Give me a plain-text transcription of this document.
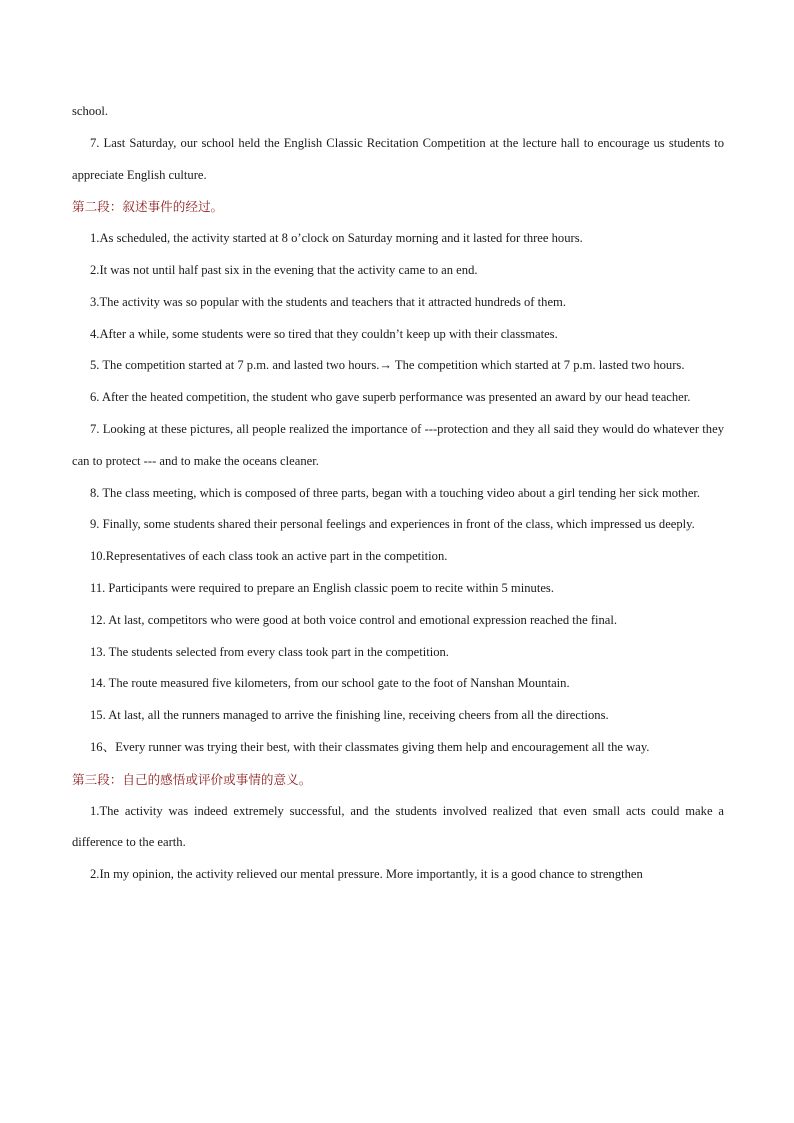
school.

7. Last Saturday, our school held the English Classic Recitation Competition at the lecture hall to encourage us students to appreciate English culture.

第二段：叙述事件的经过。

1.As scheduled, the activity started at 8 o’clock on Saturday morning and it lasted for three hours.

2.It was not until half past six in the evening that the activity came to an end.

3.The activity was so popular with the students and teachers that it attracted hundreds of them.

4.After a while, some students were so tired that they couldn’t keep up with their classmates.

5. The competition started at 7 p.m. and lasted two hours.→ The competition which started at 7 p.m. lasted two hours.

6. After the heated competition, the student who gave superb performance was presented an award by our head teacher.

7. Looking at these pictures, all people realized the importance of ---protection and they all said they would do whatever they can to protect --- and to make the oceans cleaner.

8. The class meeting, which is composed of three parts, began with a touching video about a girl tending her sick mother.

9. Finally, some students shared their personal feelings and experiences in front of the class, which impressed us deeply.

10.Representatives of each class took an active part in the competition.

11. Participants were required to prepare an English classic poem to recite within 5 minutes.

12. At last, competitors who were good at both voice control and emotional expression reached the final.

13. The students selected from every class took part in the competition.

14. The route measured five kilometers, from our school gate to the foot of Nanshan Mountain.

15. At last, all the runners managed to arrive the finishing line, receiving cheers from all the directions.

16、Every runner was trying their best, with their classmates giving them help and encouragement all the way.

第三段：自己的感悟或评价或事情的意义。

1.The activity was indeed extremely successful, and the students involved realized that even small acts could make a difference to the earth.

2.In my opinion, the activity relieved our mental pressure. More importantly, it is a good chance to strengthen
